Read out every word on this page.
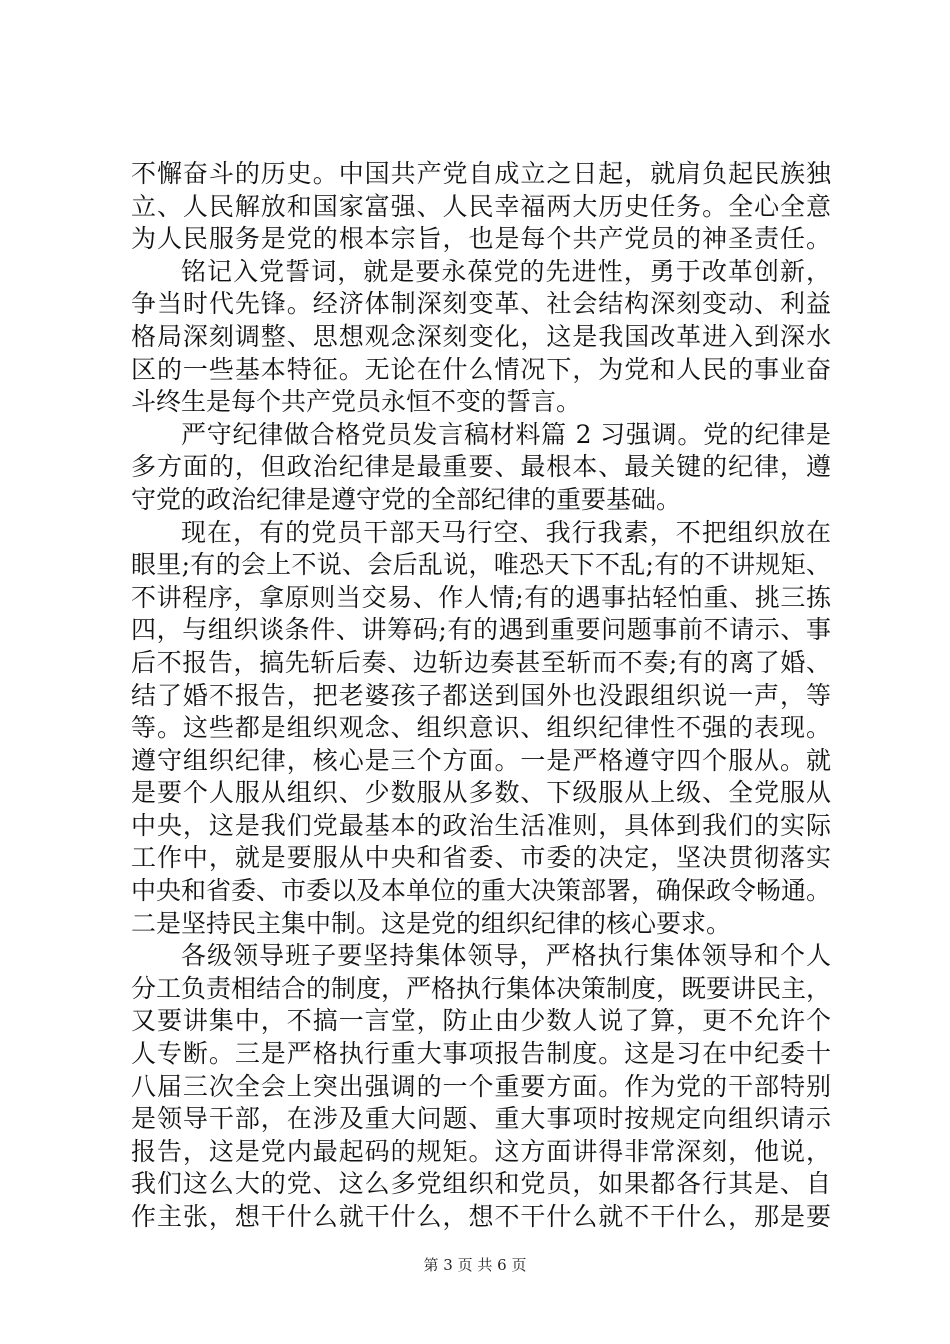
不懈奋斗的历史。中国共产党自成立之日起，就肩负起民族独
立、人民解放和国家富强、人民幸福两大历史任务。全心全意
为人民服务是党的根本宗旨，也是每个共产党员的神圣责任。
铭记入党誓词，就是要永葆党的先进性，勇于改革创新，
争当时代先锋。经济体制深刻变革、社会结构深刻变动、利益
格局深刻调整、思想观念深刻变化，这是我国改革进入到深水
区的一些基本特征。无论在什么情况下，为党和人民的事业奋
斗终生是每个共产党员永恒不变的誓言。
严守纪律做合格党员发言稿材料篇 2 习强调。党的纪律是
多方面的，但政治纪律是最重要、最根本、最关键的纪律，遵
守党的政治纪律是遵守党的全部纪律的重要基础。
现在，有的党员干部天马行空、我行我素，不把组织放在
眼里;有的会上不说、会后乱说，唯恐天下不乱;有的不讲规矩、
不讲程序，拿原则当交易、作人情;有的遇事拈轻怕重、挑三拣
四，与组织谈条件、讲筹码;有的遇到重要问题事前不请示、事
后不报告，搞先斩后奏、边斩边奏甚至斩而不奏;有的离了婚、
结了婚不报告，把老婆孩子都送到国外也没跟组织说一声，等
等。这些都是组织观念、组织意识、组织纪律性不强的表现。
遵守组织纪律，核心是三个方面。一是严格遵守四个服从。就
是要个人服从组织、少数服从多数、下级服从上级、全党服从
中央，这是我们党最基本的政治生活准则，具体到我们的实际
工作中，就是要服从中央和省委、市委的决定，坚决贯彻落实
中央和省委、市委以及本单位的重大决策部署，确保政令畅通。
二是坚持民主集中制。这是党的组织纪律的核心要求。
各级领导班子要坚持集体领导，严格执行集体领导和个人
分工负责相结合的制度，严格执行集体决策制度，既要讲民主，
又要讲集中，不搞一言堂，防止由少数人说了算，更不允许个
人专断。三是严格执行重大事项报告制度。这是习在中纪委十
八届三次全会上突出强调的一个重要方面。作为党的干部特别
是领导干部，在涉及重大问题、重大事项时按规定向组织请示
报告，这是党内最起码的规矩。这方面讲得非常深刻，他说，
我们这么大的党、这么多党组织和党员，如果都各行其是、自
作主张，想干什么就干什么，想不干什么就不干什么，那是要
第 3 页 共 6 页
